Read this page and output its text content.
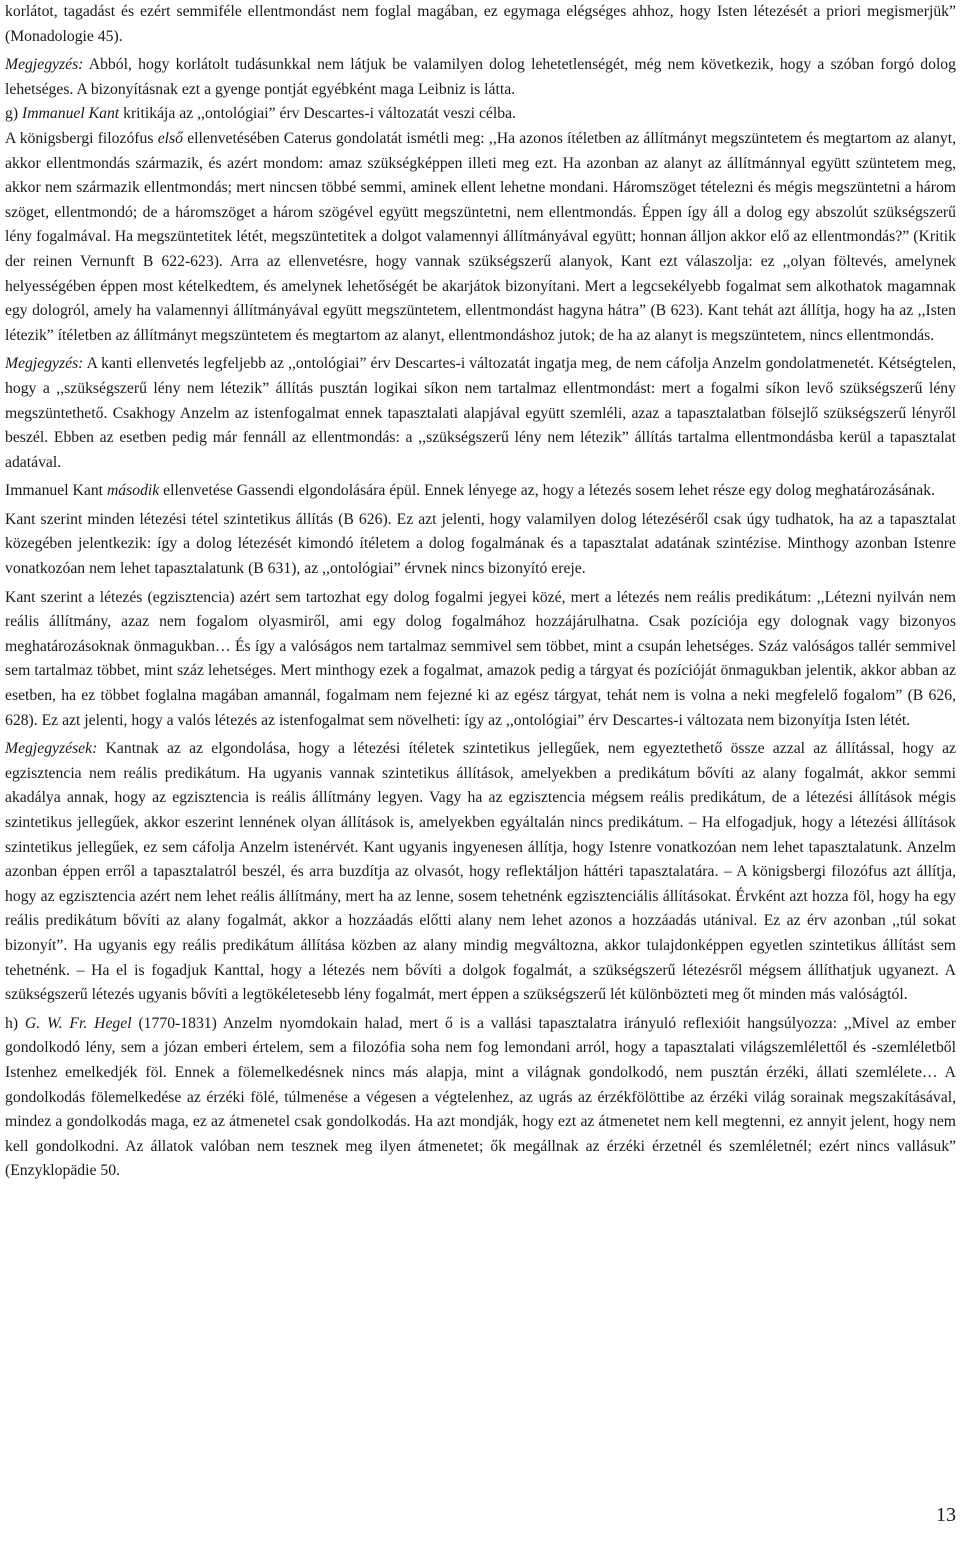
korlátot, tagadást és ezért semmiféle ellentmondást nem foglal magában, ez egymaga elégséges ahhoz, hogy Isten létezését a priori megismerjük” (Monadologie 45).

Megjegyzés: Abból, hogy korlátolt tudásunkkal nem látjuk be valamilyen dolog lehetetlenségét, még nem következik, hogy a szóban forgó dolog lehetséges. A bizonyításnak ezt a gyenge pontját egyébként maga Leibniz is látta.

g) Immanuel Kant kritikája az ,,ontológiai” érv Descartes-i változatát veszi célba.

A königsbergi filozófus első ellenvetésében Caterus gondolatát ismétli meg: ,,Ha azonos ítéletben az állítmányt megszüntetem és megtartom az alanyt, akkor ellentmondás származik, és azért mondom: amaz szükségképpen illeti meg ezt. Ha azonban az alanyt az állítmánnyal együtt szüntetem meg, akkor nem származik ellentmondás; mert nincsen többé semmi, aminek ellent lehetne mondani. Háromszöget tételezni és mégis megszüntetni a három szöget, ellentmondó; de a háromszöget a három szögével együtt megszüntetni, nem ellentmondás. Éppen így áll a dolog egy abszolút szükségszerű lény fogalmával. Ha megszüntetitek létét, megszüntetitek a dolgot valamennyi állítmányával együtt; honnan álljon akkor elő az ellentmondás?” (Kritik der reinen Vernunft B 622-623). Arra az ellenvetésre, hogy vannak szükségszerű alanyok, Kant ezt válaszolja: ez ,,olyan föltevés, amelynek helyességében éppen most kételkedtem, és amelynek lehetőségét be akarjátok bizonyítani. Mert a legcsekélyebb fogalmat sem alkothatok magamnak egy dologról, amely ha valamennyi állítmányával együtt megszüntetem, ellentmondást hagyna hátra” (B 623). Kant tehát azt állítja, hogy ha az ,,Isten létezik” ítéletben az állítmányt megszüntetem és megtartom az alanyt, ellentmondáshoz jutok; de ha az alanyt is megszüntetem, nincs ellentmondás.

Megjegyzés: A kanti ellenvetés legfeljebb az ,,ontológiai” érv Descartes-i változatát ingatja meg, de nem cáfolja Anzelm gondolatmenetét. Kétségtelen, hogy a ,,szükségszerű lény nem létezik” állítás pusztán logikai síkon nem tartalmaz ellentmondást: mert a fogalmi síkon levő szükségszerű lény megszüntethető. Csakhogy Anzelm az istenfogalmat ennek tapasztalati alapjával együtt szemléli, azaz a tapasztalatban fölsejlő szükségszerű lényről beszél. Ebben az esetben pedig már fennáll az ellentmondás: a ,,szükségszerű lény nem létezik” állítás tartalma ellentmondásba kerül a tapasztalat adatával.

Immanuel Kant második ellenvetése Gassendi elgondolására épül. Ennek lényege az, hogy a létezés sosem lehet része egy dolog meghatározásának.

Kant szerint minden létezési tétel szintetikus állítás (B 626). Ez azt jelenti, hogy valamilyen dolog létezéséről csak úgy tudhatok, ha az a tapasztalat közegében jelentkezik: így a dolog létezését kimondó ítéletem a dolog fogalmának és a tapasztalat adatának szintézise. Minthogy azonban Istenre vonatkozóan nem lehet tapasztalatunk (B 631), az ,,ontológiai” érvnek nincs bizonyító ereje.

Kant szerint a létezés (egzisztencia) azért sem tartozhat egy dolog fogalmi jegyei közé, mert a létezés nem reális predikátum: ,,Létezni nyilván nem reális állítmány, azaz nem fogalom olyasmiről, ami egy dolog fogalmához hozzájárulhatna. Csak pozíciója egy dolognak vagy bizonyos meghatározásoknak önmagukban… És így a valóságos nem tartalmaz semmivel sem többet, mint a csupán lehetséges. Száz valóságos tallér semmivel sem tartalmaz többet, mint száz lehetséges. Mert minthogy ezek a fogalmat, amazok pedig a tárgyat és pozícióját önmagukban jelentik, akkor abban az esetben, ha ez többet foglalna magában amannál, fogalmam nem fejezné ki az egész tárgyat, tehát nem is volna a neki megfelelő fogalom” (B 626, 628). Ez azt jelenti, hogy a valós létezés az istenfogalmat sem növelheti: így az ,,ontológiai” érv Descartes-i változata nem bizonyítja Isten létét.

Megjegyzések: Kantnak az az elgondolása, hogy a létezési ítéletek szintetikus jellegűek, nem egyeztethető össze azzal az állítással, hogy az egzisztencia nem reális predikátum. Ha ugyanis vannak szintetikus állítások, amelyekben a predikátum bővíti az alany fogalmát, akkor semmi akadálya annak, hogy az egzisztencia is reális állítmány legyen. Vagy ha az egzisztencia mégsem reális predikátum, de a létezési állítások mégis szintetikus jellegűek, akkor eszerint lennének olyan állítások is, amelyekben egyáltalán nincs predikátum. – Ha elfogadjuk, hogy a létezési állítások szintetikus jellegűek, ez sem cáfolja Anzelm istenérvét. Kant ugyanis ingyenesen állítja, hogy Istenre vonatkozóan nem lehet tapasztalatunk. Anzelm azonban éppen erről a tapasztalatról beszél, és arra buzdítja az olvasót, hogy reflektáljon háttéri tapasztalatára. – A königsbergi filozófus azt állítja, hogy az egzisztencia azért nem lehet reális állítmány, mert ha az lenne, sosem tehetnénk egzisztenciális állításokat. Érvként azt hozza föl, hogy ha egy reális predikátum bővíti az alany fogalmát, akkor a hozzáadás előtti alany nem lehet azonos a hozzáadás utánival. Ez az érv azonban ,,túl sokat bizonyít”. Ha ugyanis egy reális predikátum állítása közben az alany mindig megváltozna, akkor tulajdonképpen egyetlen szintetikus állítást sem tehetnénk. – Ha el is fogadjuk Kanttal, hogy a létezés nem bővíti a dolgok fogalmát, a szükségszerű létezésről mégsem állíthatjuk ugyanezt. A szükségszerű létezés ugyanis bővíti a legtökéletesebb lény fogalmát, mert éppen a szükségszerű lét különbözteti meg őt minden más valóságtól.

h) G. W. Fr. Hegel (1770-1831) Anzelm nyomdokain halad, mert ő is a vallási tapasztalatra irányuló reflexióit hangsúlyozza: ,,Mivel az ember gondolkodó lény, sem a józan emberi értelem, sem a filozófia soha nem fog lemondani arról, hogy a tapasztalati világszemlélettől és -szemléletből Istenhez emelkedjék föl. Ennek a fölemelkedésnek nincs más alapja, mint a világnak gondolkodó, nem pusztán érzéki, állati szemlélete… A gondolkodás fölemelkedése az érzéki fölé, túlmenése a végesen a végtelenhez, az ugrás az érzékfölöttibe az érzéki világ sorainak megszakításával, mindez a gondolkodás maga, ez az átmenetel csak gondolkodás. Ha azt mondják, hogy ezt az átmenetet nem kell megtenni, ez annyit jelent, hogy nem kell gondolkodni. Az állatok valóban nem tesznek meg ilyen átmenetet; ők megállnak az érzéki érzetnél és szemléletnél; ezért nincs vallásuk” (Enzyklopädie 50.

13
